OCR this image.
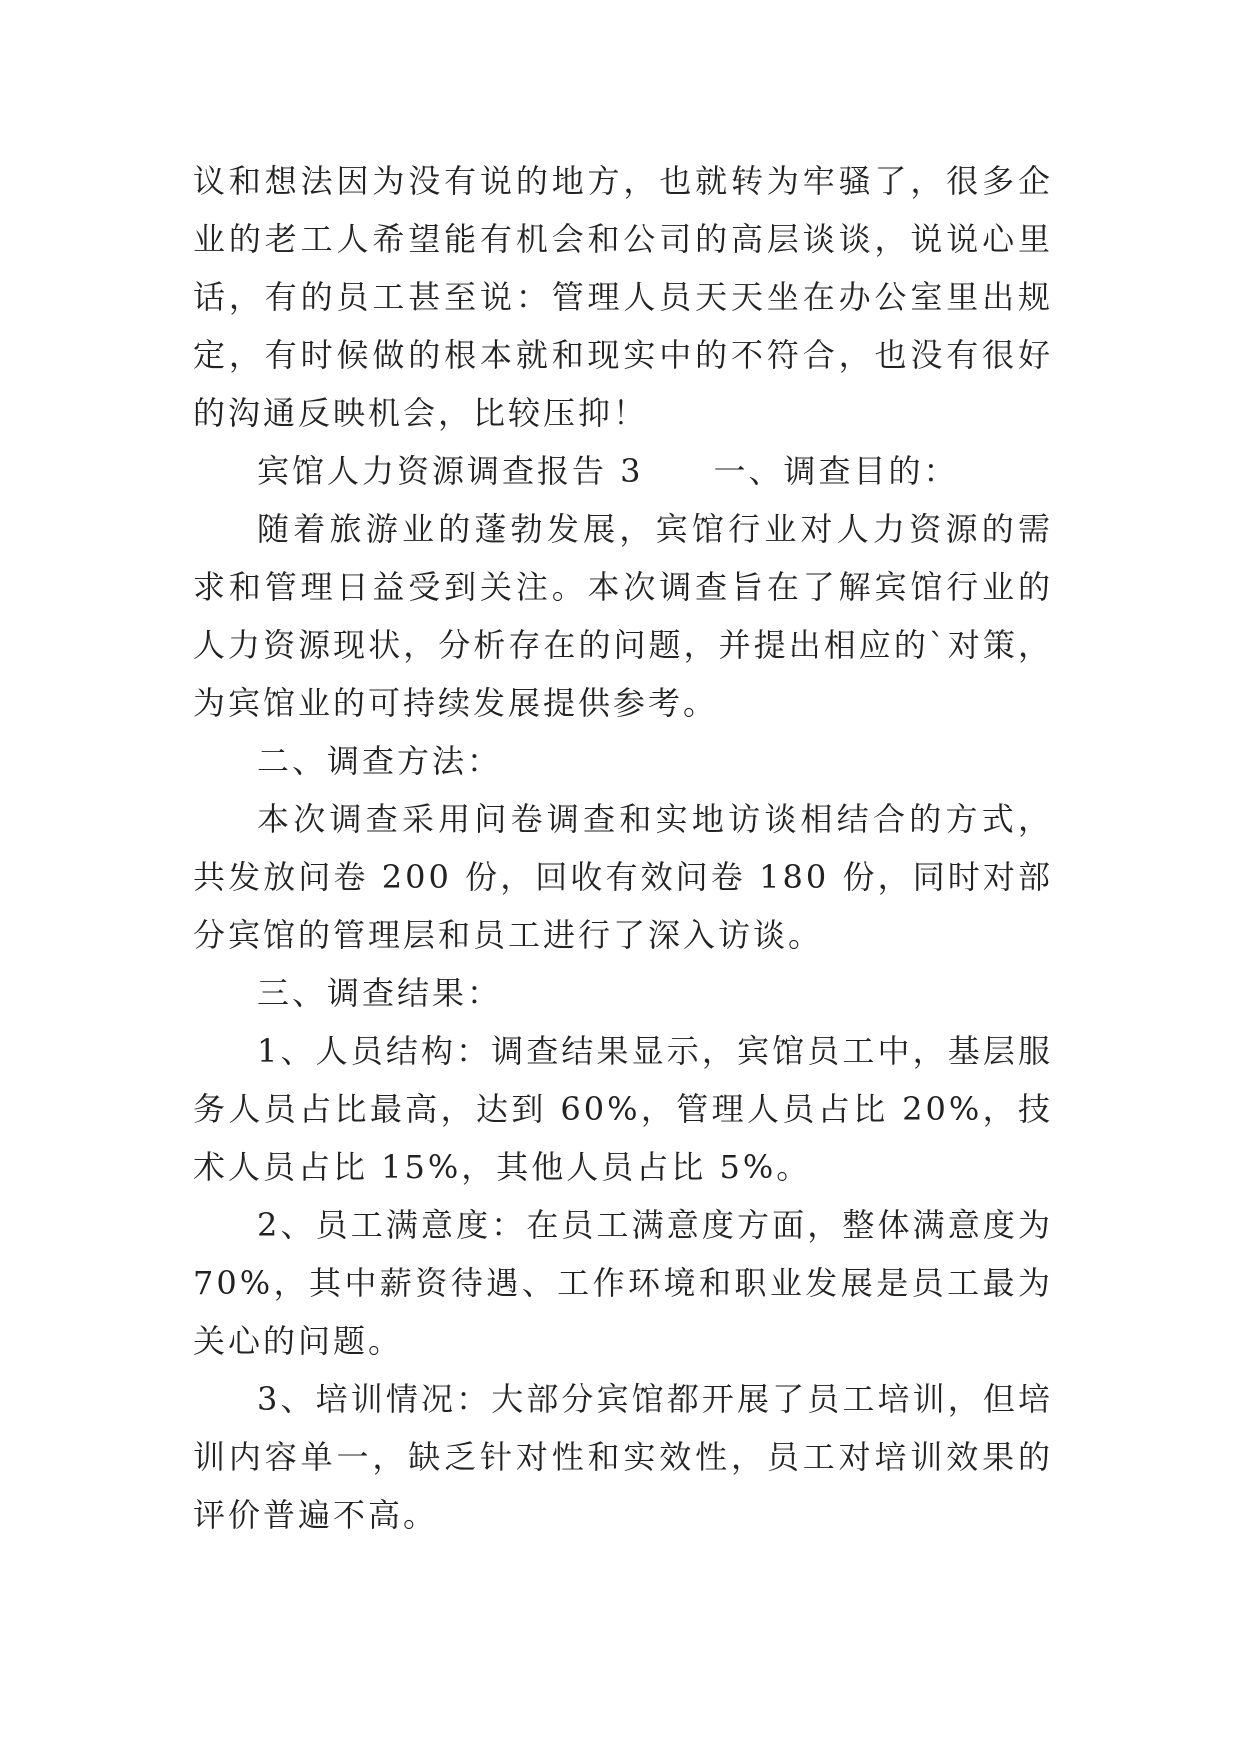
议和想法因为没有说的地方，也就转为牢骚了，很多企业的老工人希望能有机会和公司的高层谈谈，说说心里话，有的员工甚至说：管理人员天天坐在办公室里出规定，有时候做的根本就和现实中的不符合，也没有很好的沟通反映机会，比较压抑！

宾馆人力资源调查报告 3 一、调查目的：

随着旅游业的蓬勃发展，宾馆行业对人力资源的需求和管理日益受到关注。本次调查旨在了解宾馆行业的人力资源现状，分析存在的问题，并提出相应的`对策，为宾馆业的可持续发展提供参考。

二、调查方法：

本次调查采用问卷调查和实地访谈相结合的方式，共发放问卷 200 份，回收有效问卷 180 份，同时对部分宾馆的管理层和员工进行了深入访谈。

三、调查结果：

1、人员结构：调查结果显示，宾馆员工中，基层服务人员占比最高，达到 60%，管理人员占比 20%，技术人员占比 15%，其他人员占比 5%。

2、员工满意度：在员工满意度方面，整体满意度为 70%，其中薪资待遇、工作环境和职业发展是员工最为关心的问题。

3、培训情况：大部分宾馆都开展了员工培训，但培训内容单一，缺乏针对性和实效性，员工对培训效果的评价普遍不高。
